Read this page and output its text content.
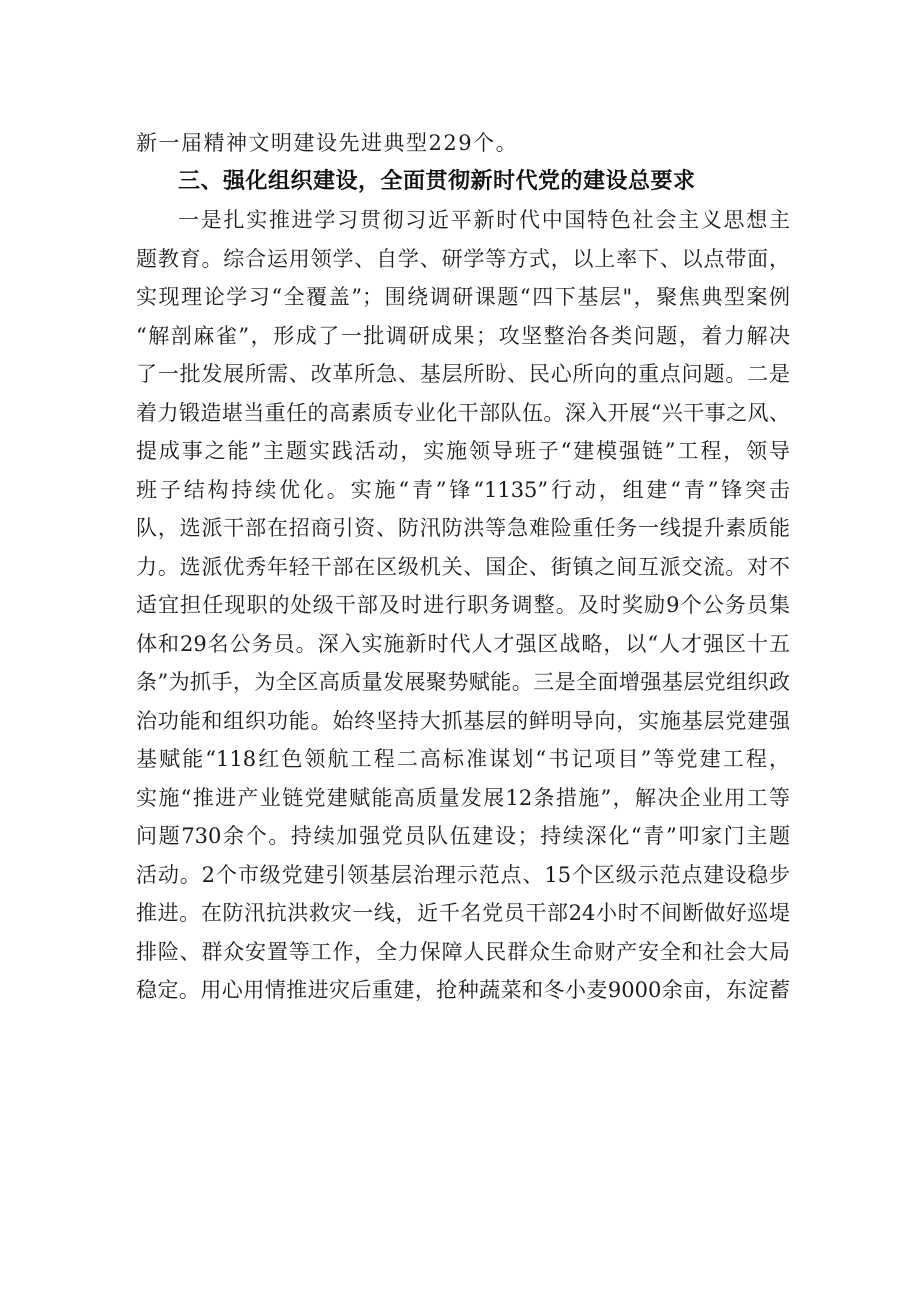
新一届精神文明建设先进典型229个。
三、强化组织建设，全面贯彻新时代党的建设总要求
一是扎实推进学习贯彻习近平新时代中国特色社会主义思想主
题教育。综合运用领学、自学、研学等方式，以上率下、以点带面，
实现理论学习“全覆盖”；围绕调研课题“四下基层"，聚焦典型案例
“解剖麻雀”，形成了一批调研成果；攻坚整治各类问题，着力解决
了一批发展所需、改革所急、基层所盼、民心所向的重点问题。二是
着力锻造堪当重任的高素质专业化干部队伍。深入开展“兴干事之风、
提成事之能”主题实践活动，实施领导班子“建模强链”工程，领导
班子结构持续优化。实施“青”锋“1135”行动，组建“青”锋突击
队，选派干部在招商引资、防汛防洪等急难险重任务一线提升素质能
力。选派优秀年轻干部在区级机关、国企、街镇之间互派交流。对不
适宜担任现职的处级干部及时进行职务调整。及时奖励9个公务员集
体和29名公务员。深入实施新时代人才强区战略，以“人才强区十五
条”为抓手，为全区高质量发展聚势赋能。三是全面增强基层党组织政
治功能和组织功能。始终坚持大抓基层的鲜明导向，实施基层党建强
基赋能“118红色领航工程二高标准谋划“书记项目”等党建工程，
实施“推进产业链党建赋能高质量发展12条措施”，解决企业用工等
问题730余个。持续加强党员队伍建设；持续深化“青”叩家门主题
活动。2个市级党建引领基层治理示范点、15个区级示范点建设稳步
推进。在防汛抗洪救灾一线，近千名党员干部24小时不间断做好巡堤
排险、群众安置等工作，全力保障人民群众生命财产安全和社会大局
稳定。用心用情推进灾后重建，抢种蔬菜和冬小麦9000余亩，东淀蓄
